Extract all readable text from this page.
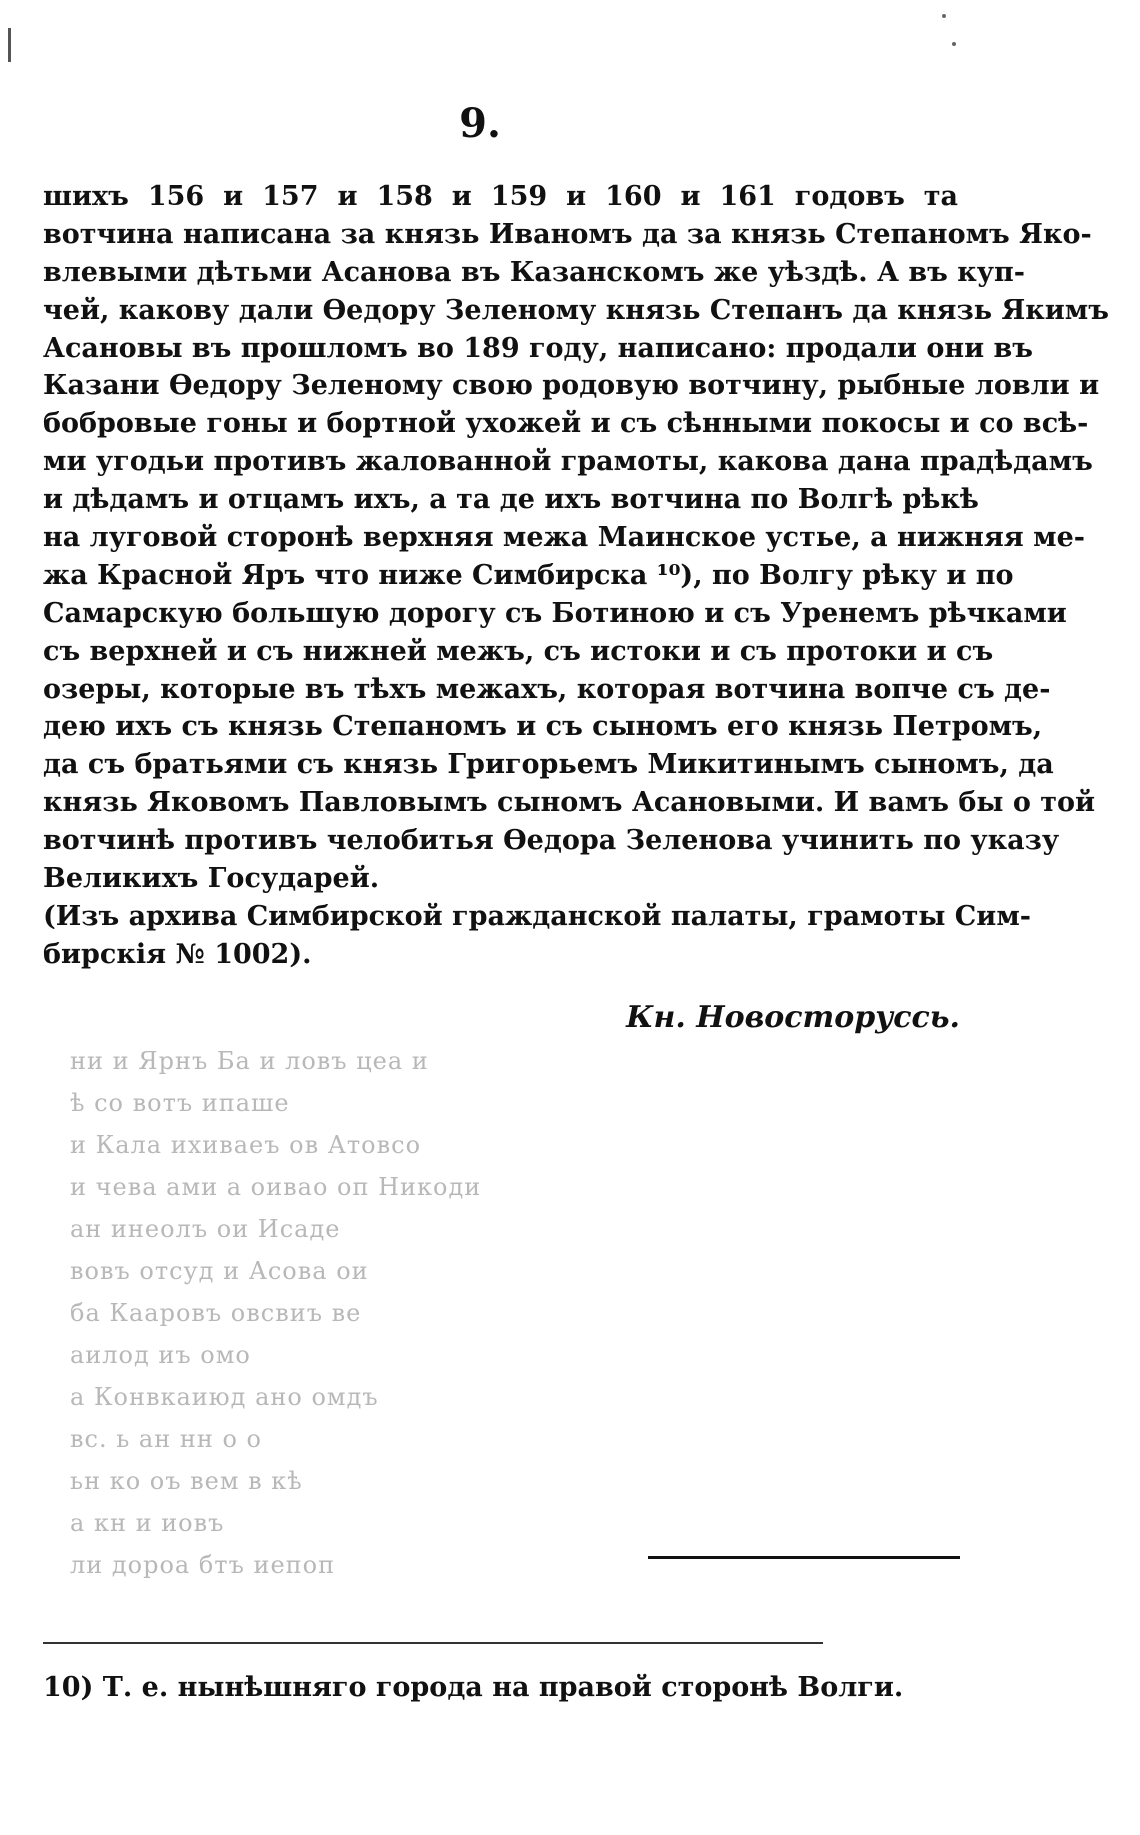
9.
шихъ 156 и 157 и 158 и 159 и 160 и 161 годовъ та
вотчина написана за князь Иваномъ да за князь Степаномъ Яко-
влевыми дѣтьми Асанова въ Казанскомъ же уѣздѣ. А въ куп-
чей, какову дали Ѳедору Зеленому князь Степанъ да князь Якимъ
Асановы въ прошломъ во 189 году, написано: продали они въ
Казани Ѳедору Зеленому свою родовую вотчину, рыбные ловли и
бобровые гоны и бортной ухожей и съ сѣнными покосы и со всѣ-
ми угодьи противъ жалованной грамоты, какова дана прадѣдамъ
и дѣдамъ и отцамъ ихъ, а та де ихъ вотчина по Волгѣ рѣкѣ
на луговой сторонѣ верхняя межа Маинское устье, а нижняя ме-
жа Красной Яръ что ниже Симбирска ¹⁰), по Волгу рѣку и по
Самарскую большую дорогу съ Ботиною и съ Уренемъ рѣчками
съ верхней и съ нижней межъ, съ истоки и съ протоки и съ
озеры, которые въ тѣхъ межахъ, которая вотчина вопче съ де-
дею ихъ съ князь Степаномъ и съ сыномъ его князь Петромъ,
да съ братьями съ князь Григорьемъ Микитинымъ сыномъ, да
князь Яковомъ Павловымъ сыномъ Асановыми. И вамъ бы о той
вотчинѣ противъ челобитья Ѳедора Зеленова учинить по указу
Великихъ Государей.
(Изъ архива Симбирской гражданской палаты, грамоты Сим-
бирскія № 1002).
Кн. Новосторуссь.
ни и Ярнъ Ба и ловъ цеа и
ѣ со вотъ ипаше
и Кала ихиваеъ ов Атовсо
и чева ами а оивао оп Никоди
ан инеолъ ои Исаде
вовъ отсуд и Асова ои
ба Кааровъ овсвиъ ве
аилод иъ омо
а Конвкаиюд ано омдъ
вс. ь ан нн о о
ьн ко оъ вем в кѣ
а кн и иовъ
ли дороа бтъ иепоп
10) Т. е. нынѣшняго города на правой сторонѣ Волги.
